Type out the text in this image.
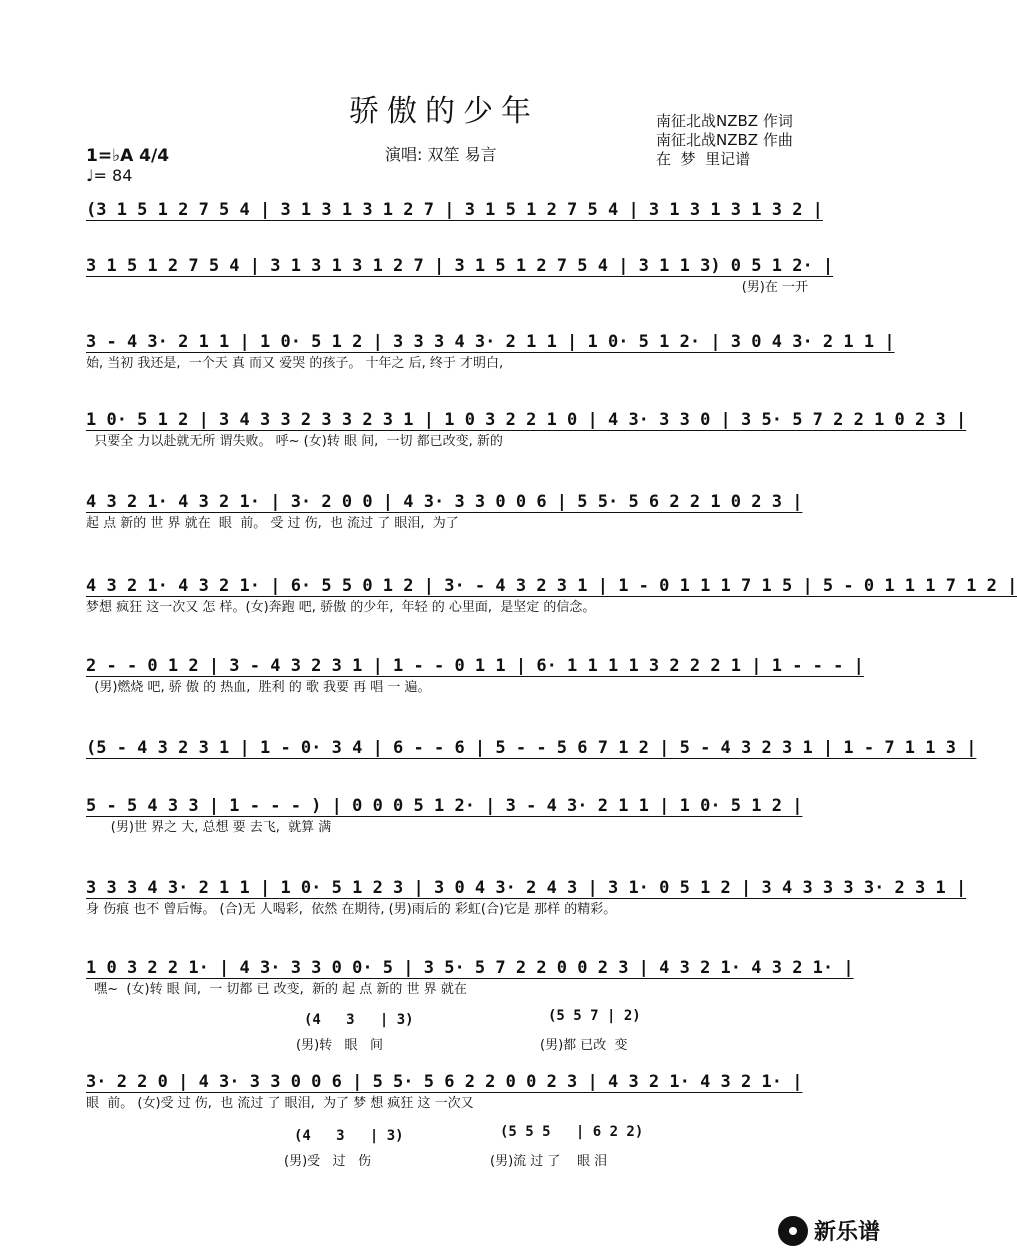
骄傲的少年
1=♭A 4/4
♩= 84
演唱: 双笙 易言
南征北战NZBZ 作词
南征北战NZBZ 作曲
在  梦  里记谱
(3 1 5 1 2 7 5 4 | 3 1 3 1 3 1 2 7 | 3 1 5 1 2 7 5 4 | 3 1 3 1 3 1 3 2 |
3 1 5 1 2 7 5 4 | 3 1 3 1 3 1 2 7 | 3 1 5 1 2 7 5 4 | 3 1 1 3) 0 5 1 2· |
(男)在 一开
3 - 4 3· 2 1 1 | 1 0· 5 1 2 | 3 3 3 4 3· 2 1 1 | 1 0· 5 1 2· | 3 0 4 3· 2 1 1 |
始, 当初 我还是,  一个天 真 而又 爱哭 的孩子。 十年之 后, 终于 才明白,
1 0· 5 1 2 | 3 4 3 3 2 3 3 2 3 1 | 1 0 3 2 2 1 0 | 4 3· 3 3 0 | 3 5· 5 7 2 2 1 0 2 3 |
只要全 力以赴就无所 谓失败。 呼~ (女)转 眼 间,  一切 都已改变, 新的
4 3 2 1· 4 3 2 1· | 3· 2 0 0 | 4 3· 3 3 0 0 6 | 5 5· 5 6 2 2 1 0 2 3 |
起 点 新的 世 界 就在  眼  前。 受 过 伤,  也 流过 了 眼泪,  为了
4 3 2 1· 4 3 2 1· | 6· 5 5 0 1 2 | 3· - 4 3 2 3 1 | 1 - 0 1 1 1 7 1 5 | 5 - 0 1 1 1 7 1 2 |
梦想 疯狂 这一次又 怎 样。(女)奔跑 吧, 骄傲 的少年,  年轻 的 心里面,  是坚定 的信念。
2 - - 0 1 2 | 3 - 4 3 2 3 1 | 1 - - 0 1 1 | 6· 1 1 1 1 3 2 2 2 1 | 1 - - - |
(男)燃烧 吧, 骄 傲 的 热血,  胜利 的 歌 我要 再 唱 一 遍。
(5 - 4 3 2 3 1 | 1 - 0· 3 4 | 6 - - 6 | 5 - - 5 6 7 1 2 | 5 - 4 3 2 3 1 | 1 - 7 1 1 3 |
5 - 5 4 3 3 | 1 - - - ) | 0 0 0 5 1 2· | 3 - 4 3· 2 1 1 | 1 0· 5 1 2 |
(男)世 界之 大, 总想 要 去飞,  就算 满
3 3 3 4 3· 2 1 1 | 1 0· 5 1 2 3 | 3 0 4 3· 2 4 3 | 3 1· 0 5 1 2 | 3 4 3 3 3 3· 2 3 1 |
身 伤痕 也不 曾后悔。 (合)无 人喝彩,  依然 在期待, (男)雨后的 彩虹(合)它是 那样 的精彩。
1 0 3 2 2 1· | 4 3· 3 3 0 0· 5 | 3 5· 5 7 2 2 0 0 2 3 | 4 3 2 1· 4 3 2 1· |
嘿~  (女)转 眼 间,  一 切都 已 改变,  新的 起 点 新的 世 界 就在
3· 2 2 0 | 4 3· 3 3 0 0 6 | 5 5· 5 6 2 2 0 0 2 3 | 4 3 2 1· 4 3 2 1· |
眼  前。 (女)受 过 伤,  也 流过 了 眼泪,  为了 梦 想 疯狂 这 一次又
(4   3   | 3)
(男)转   眼   间
(5 5 7 | 2)
(男)都 已改  变
(4   3   | 3)
(男)受   过   伤
(5 5 5   | 6 2 2)
(男)流 过 了    眼 泪
新乐谱
